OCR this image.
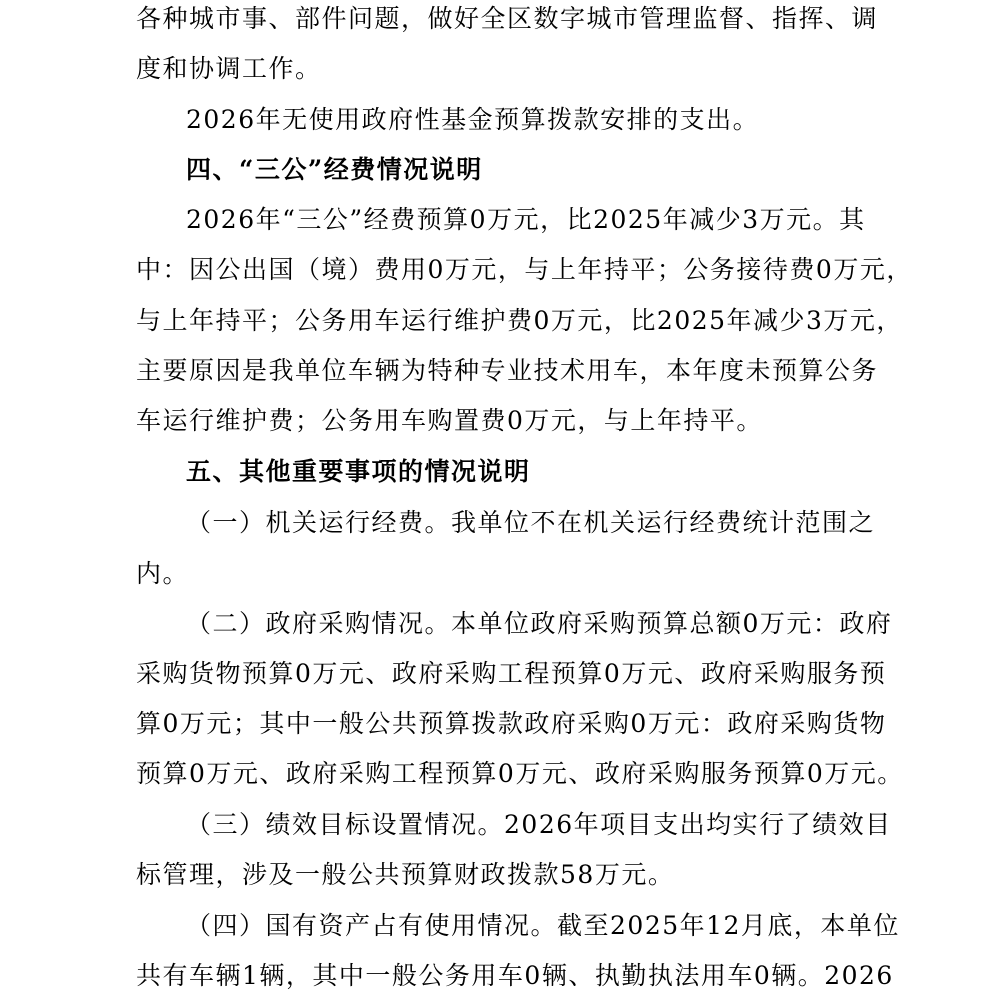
各种城市事、部件问题，做好全区数字城市管理监督、指挥、调
度和协调工作。
2026年无使用政府性基金预算拨款安排的支出。
四、“三公”经费情况说明
2026年“三公”经费预算0万元，比2025年减少3万元。其
中：因公出国（境）费用0万元，与上年持平；公务接待费0万元，
与上年持平；公务用车运行维护费0万元，比2025年减少3万元，
主要原因是我单位车辆为特种专业技术用车，本年度未预算公务
车运行维护费；公务用车购置费0万元，与上年持平。
五、其他重要事项的情况说明
（一）机关运行经费。我单位不在机关运行经费统计范围之
内。
（二）政府采购情况。本单位政府采购预算总额0万元：政府
采购货物预算0万元、政府采购工程预算0万元、政府采购服务预
算0万元；其中一般公共预算拨款政府采购0万元：政府采购货物
预算0万元、政府采购工程预算0万元、政府采购服务预算0万元。
（三）绩效目标设置情况。2026年项目支出均实行了绩效目
标管理，涉及一般公共预算财政拨款58万元。
（四）国有资产占有使用情况。截至2025年12月底，本单位
共有车辆1辆，其中一般公务用车0辆、执勤执法用车0辆。2026
